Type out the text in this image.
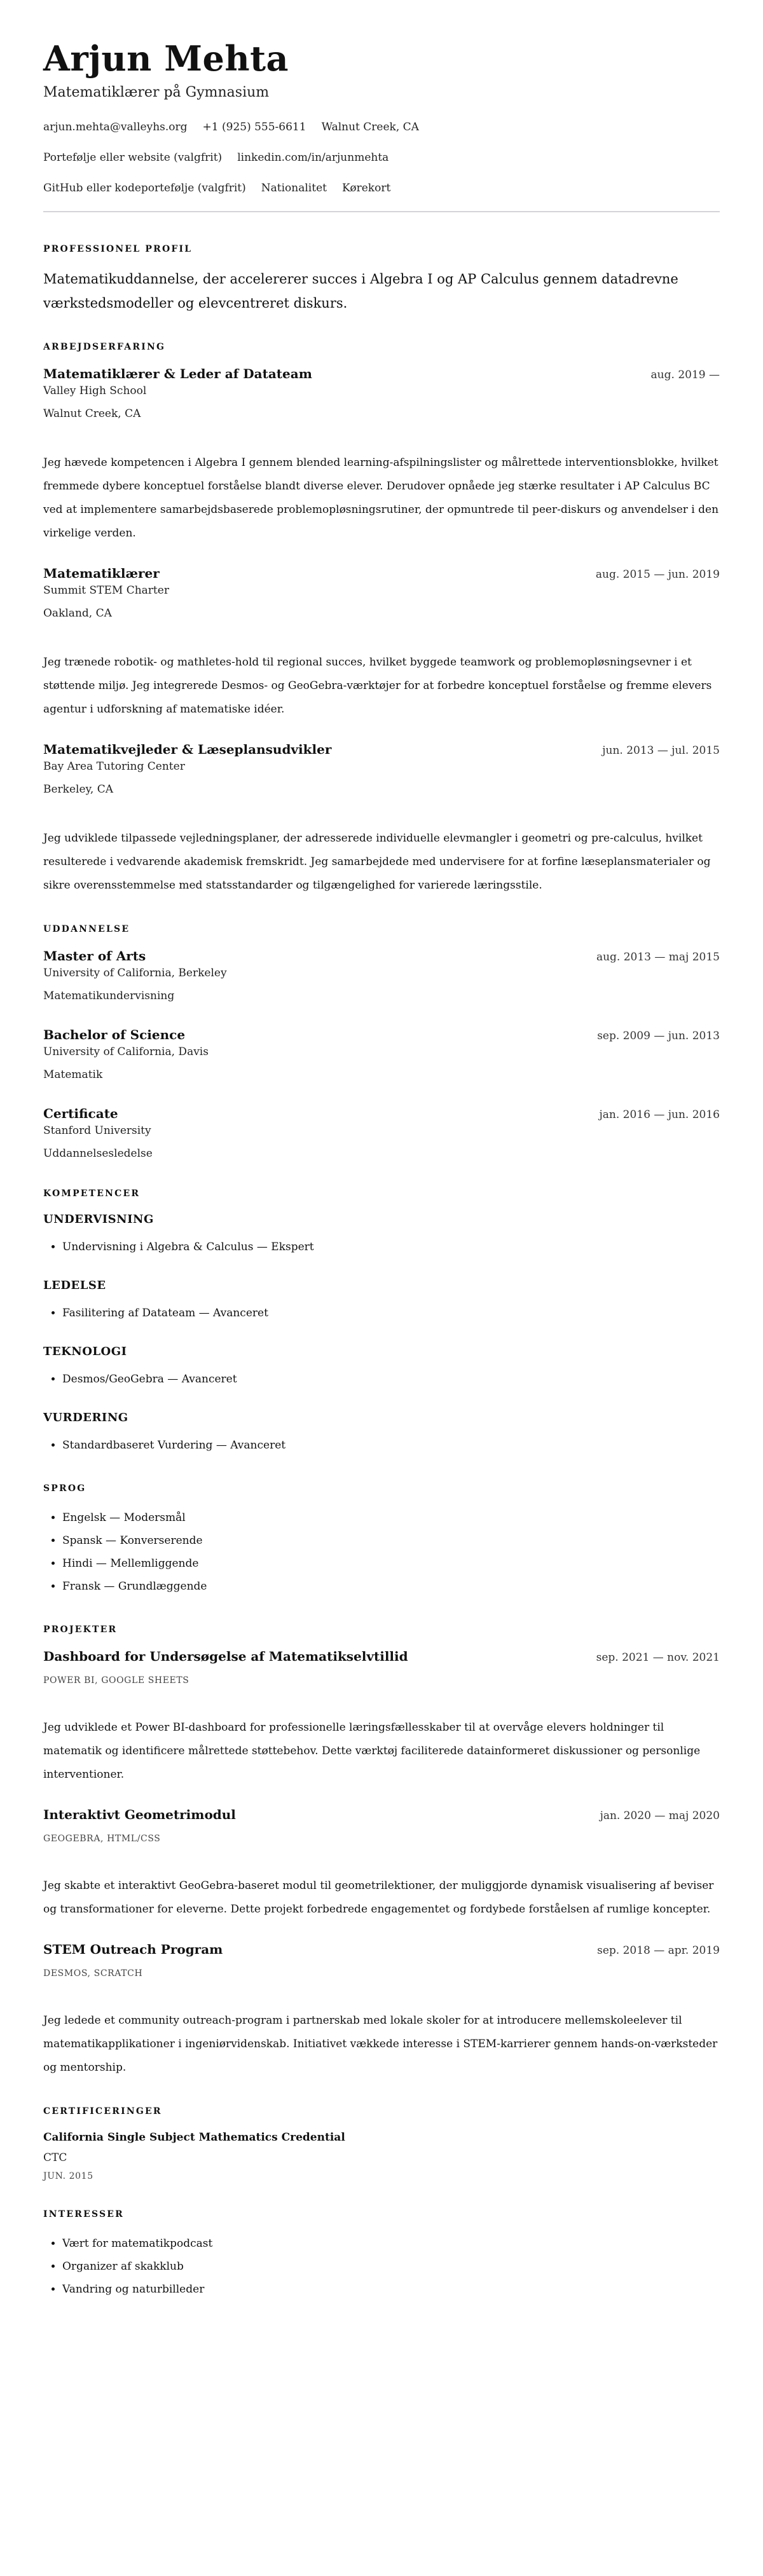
Arjun Mehta
Matematiklærer på Gymnasium
arjun.mehta@valleyhs.org +1 (925) 555-6611 Walnut Creek, CA
Portefølje eller website (valgfrit) linkedin.com/in/arjunmehta
GitHub eller kodeportefølje (valgfrit) Nationalitet Kørekort
PROFESSIONEL PROFIL

Matematikuddannelse, der accelererer succes i Algebra I og AP Calculus gennem datadrevne værkstedsmodeller og elevcentreret diskurs.

ARBEJDSERFARING
Matematiklærer & Leder af Datateam	aug. 2019 —
Valley High School
Walnut Creek, CA

Jeg hævede kompetencen i Algebra I gennem blended learning-afspilningslister og målrettede interventionsblokke, hvilket fremmede dybere konceptuel forståelse blandt diverse elever. Derudover opnåede jeg stærke resultater i AP Calculus BC ved at implementere samarbejdsbaserede problemopløsningsrutiner, der opmuntrede til peer-diskurs og anvendelser i den virkelige verden.

Matematiklærer	aug. 2015 — jun. 2019
Summit STEM Charter
Oakland, CA

Jeg trænede robotik- og mathletes-hold til regional succes, hvilket byggede teamwork og problemopløsningsevner i et støttende miljø. Jeg integrerede Desmos- og GeoGebra-værktøjer for at forbedre konceptuel forståelse og fremme elevers agentur i udforskning af matematiske idéer.

Matematikvejleder & Læseplansudvikler	jun. 2013 — jul. 2015
Bay Area Tutoring Center
Berkeley, CA

Jeg udviklede tilpassede vejledningsplaner, der adresserede individuelle elevmangler i geometri og pre-calculus, hvilket resulterede i vedvarende akademisk fremskridt. Jeg samarbejdede med undervisere for at forfine læseplansmaterialer og sikre overensstemmelse med statsstandarder og tilgængelighed for varierede læringsstile.

UDDANNELSE
Master of Arts	aug. 2013 — maj 2015
University of California, Berkeley
Matematikundervisning
Bachelor of Science	sep. 2009 — jun. 2013
University of California, Davis
Matematik
Certificate	jan. 2016 — jun. 2016
Stanford University
Uddannelsesledelse
KOMPETENCER
UNDERVISNING
• Undervisning i Algebra & Calculus — Ekspert
LEDELSE
• Fasilitering af Datateam — Avanceret
TEKNOLOGI
• Desmos/GeoGebra — Avanceret
VURDERING
• Standardbaseret Vurdering — Avanceret
SPROG
• Engelsk — Modersmål
• Spansk — Konverserende
• Hindi — Mellemliggende
• Fransk — Grundlæggende
PROJEKTER
Dashboard for Undersøgelse af Matematikselvtillid	sep. 2021 — nov. 2021
POWER BI, GOOGLE SHEETS

Jeg udviklede et Power BI-dashboard for professionelle læringsfællesskaber til at overvåge elevers holdninger til matematik og identificere målrettede støttebehov. Dette værktøj faciliterede datainformeret diskussioner og personlige interventioner.

Interaktivt Geometrimodul	jan. 2020 — maj 2020
GEOGEBRA, HTML/CSS

Jeg skabte et interaktivt GeoGebra-baseret modul til geometrilektioner, der muliggjorde dynamisk visualisering af beviser og transformationer for eleverne. Dette projekt forbedrede engagementet og fordybede forståelsen af rumlige koncepter.

STEM Outreach Program	sep. 2018 — apr. 2019
DESMOS, SCRATCH

Jeg ledede et community outreach-program i partnerskab med lokale skoler for at introducere mellemskoleelever til matematikapplikationer i ingeniørvidenskab. Initiativet vækkede interesse i STEM-karrierer gennem hands-on-værksteder og mentorship.

CERTIFICERINGER
California Single Subject Mathematics Credential
CTC
JUN. 2015
INTERESSER
• Vært for matematikpodcast
• Organizer af skakklub
• Vandring og naturbilleder
